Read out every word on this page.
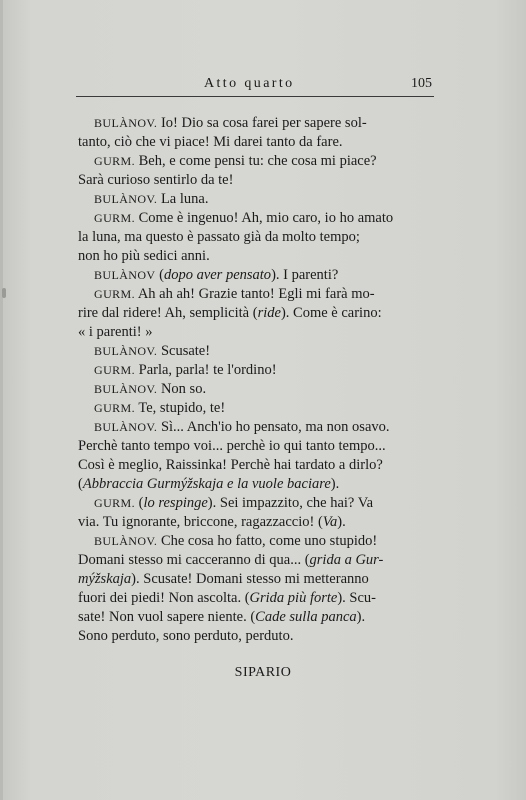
Atto quarto	105
BULÀNOV. Io! Dio sa cosa farei per sapere sol-
tanto, ciò che vi piace! Mi darei tanto da fare.
GURM. Beh, e come pensi tu: che cosa mi piace?
Sarà curioso sentirlo da te!
BULÀNOV. La luna.
GURM. Come è ingenuo! Ah, mio caro, io ho amato
la luna, ma questo è passato già da molto tempo;
non ho più sedici anni.
BULÀNOV (dopo aver pensato). I parenti?
GURM. Ah ah ah! Grazie tanto! Egli mi farà mo-
rire dal ridere! Ah, semplicità (ride). Come è carino:
« i parenti! »
BULÀNOV. Scusate!
GURM. Parla, parla! te l'ordino!
BULÀNOV. Non so.
GURM. Te, stupido, te!
BULÀNOV. Sì... Anch'io ho pensato, ma non osavo.
Perchè tanto tempo voi... perchè io qui tanto tempo...
Così è meglio, Raissinka! Perchè hai tardato a dirlo?
(Abbraccia Gurmýžskaja e la vuole baciare).
GURM. (lo respinge). Sei impazzito, che hai? Va
via. Tu ignorante, briccone, ragazzaccio! (Va).
BULÀNOV. Che cosa ho fatto, come uno stupido!
Domani stesso mi cacceranno di qua... (grida a Gur-
mýžskaja). Scusate! Domani stesso mi metteranno
fuori dei piedi! Non ascolta. (Grida più forte). Scu-
sate! Non vuol sapere niente. (Cade sulla panca).
Sono perduto, sono perduto, perduto.
SIPARIO
